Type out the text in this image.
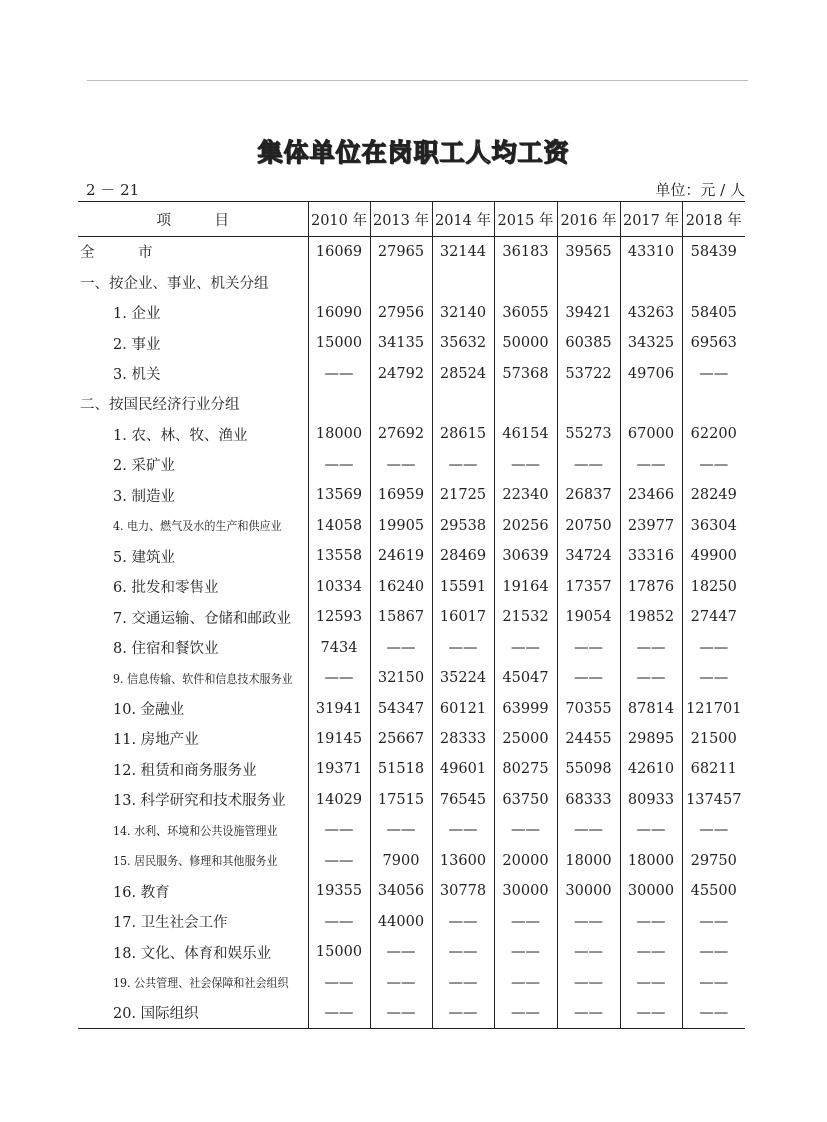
集体单位在岗职工人均工资
2 － 21	单位：元 / 人
项　　　目	2010 年	2013 年	2014 年	2015 年	2016 年	2017 年	2018 年
全　　　市	16069	27965	32144	36183	39565	43310	58439
一、按企业、事业、机关分组							
1. 企业	16090	27956	32140	36055	39421	43263	58405
2. 事业	15000	34135	35632	50000	60385	34325	69563
3. 机关	——	24792	28524	57368	53722	49706	——
二、按国民经济行业分组							
1. 农、林、牧、渔业	18000	27692	28615	46154	55273	67000	62200
2. 采矿业	——	——	——	——	——	——	——
3. 制造业	13569	16959	21725	22340	26837	23466	28249
4. 电力、燃气及水的生产和供应业	14058	19905	29538	20256	20750	23977	36304
5. 建筑业	13558	24619	28469	30639	34724	33316	49900
6. 批发和零售业	10334	16240	15591	19164	17357	17876	18250
7. 交通运输、仓储和邮政业	12593	15867	16017	21532	19054	19852	27447
8. 住宿和餐饮业	7434	——	——	——	——	——	——
9. 信息传输、软件和信息技术服务业	——	32150	35224	45047	——	——	——
10. 金融业	31941	54347	60121	63999	70355	87814	121701
11. 房地产业	19145	25667	28333	25000	24455	29895	21500
12. 租赁和商务服务业	19371	51518	49601	80275	55098	42610	68211
13. 科学研究和技术服务业	14029	17515	76545	63750	68333	80933	137457
14. 水利、环境和公共设施管理业	——	——	——	——	——	——	——
15. 居民服务、修理和其他服务业	——	7900	13600	20000	18000	18000	29750
16. 教育	19355	34056	30778	30000	30000	30000	45500
17. 卫生社会工作	——	44000	——	——	——	——	——
18. 文化、体育和娱乐业	15000	——	——	——	——	——	——
19. 公共管理、社会保障和社会组织	——	——	——	——	——	——	——
20. 国际组织	——	——	——	——	——	——	——
